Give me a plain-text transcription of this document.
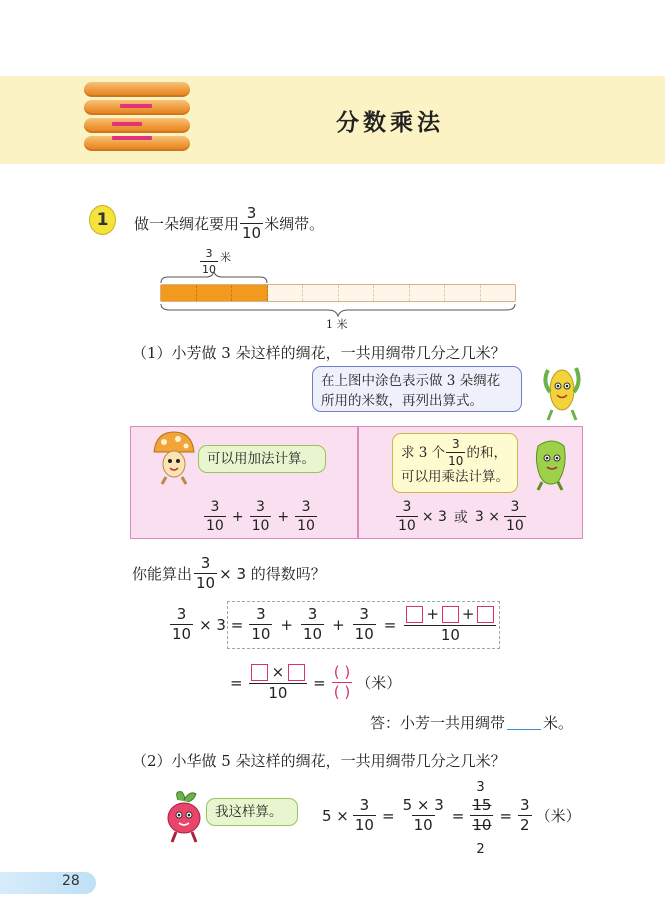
分数乘法
1	做一朵绸花要用 $\frac{3}{10}$ 米绸带。
$\frac{3}{10}$ 米
1 米
（1）小芳做 3 朵这样的绸花，一共用绸带几分之几米？
在上图中涂色表示做 3 朵绸花
所用的米数，再列出算式。
可以用加法计算。
$\frac{3}{10} + \frac{3}{10} + \frac{3}{10}$
求 3 个 $\frac{3}{10}$ 的和，
可以用乘法计算。
$\frac{3}{10} \times 3$ 或 $3 \times \frac{3}{10}$
你能算出 $\frac{3}{10} \times 3$ 的得数吗？
$\frac{3}{10} \times 3 = \frac{3}{10} + \frac{3}{10} + \frac{3}{10} = \frac{+ +}{10}$
= $\frac{\times}{10} = \frac{( )}{( )}$ （米）
答：小芳一共用绸带	米。
（2）小华做 5 朵这样的绸花，一共用绸带几分之几米？
我这样算。	$5 \times \frac{3}{10} = \frac{5 \times 3}{10}$ =
3
$\frac{15}{10}$
2
= $\frac{3}{2}$ （米）
28
